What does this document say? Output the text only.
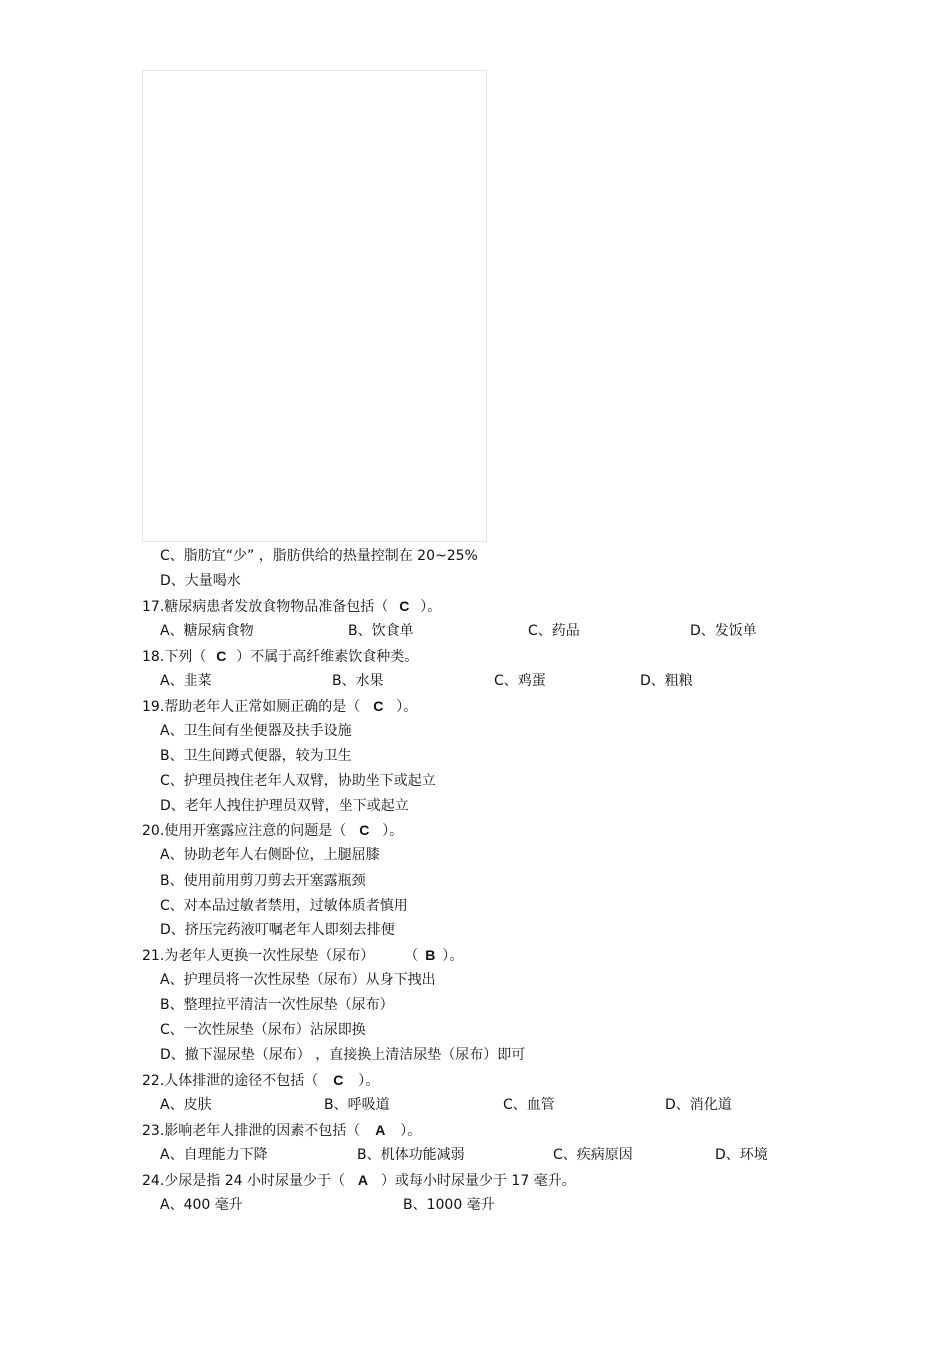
C、脂肪宜“少” ，脂肪供给的热量控制在 20~25%
D、大量喝水
17.糖尿病患者发放食物物品准备包括（ C ）。
A、糖尿病食物	B、饮食单	C、药品	D、发饭单
18.下列（ C ）不属于高纤维素饮食种类。
A、韭菜	B、水果	C、鸡蛋	D、粗粮
19.帮助老年人正常如厕正确的是（ C ）。
A、卫生间有坐便器及扶手设施
B、卫生间蹲式便器，较为卫生
C、护理员拽住老年人双臂，协助坐下或起立
D、老年人拽住护理员双臂，坐下或起立
20.使用开塞露应注意的问题是（ C ）。
A、协助老年人右侧卧位，上腿屈膝
B、使用前用剪刀剪去开塞露瓶颈
C、对本品过敏者禁用，过敏体质者慎用
D、挤压完药液叮嘱老年人即刻去排便
21.为老年人更换一次性尿垫（尿布） （ B ）。
A、护理员将一次性尿垫（尿布）从身下拽出
B、整理拉平清洁一次性尿垫（尿布）
C、一次性尿垫（尿布）沾尿即换
D、撤下湿尿垫（尿布） ，直接换上清洁尿垫（尿布）即可
22.人体排泄的途径不包括（ C ）。
A、皮肤	B、呼吸道	C、血管	D、消化道
23.影响老年人排泄的因素不包括（ A ）。
A、自理能力下降	B、机体功能减弱	C、疾病原因	D、环境
24.少尿是指 24 小时尿量少于（ A ）或每小时尿量少于 17 毫升。
A、400 毫升	B、1000 毫升
